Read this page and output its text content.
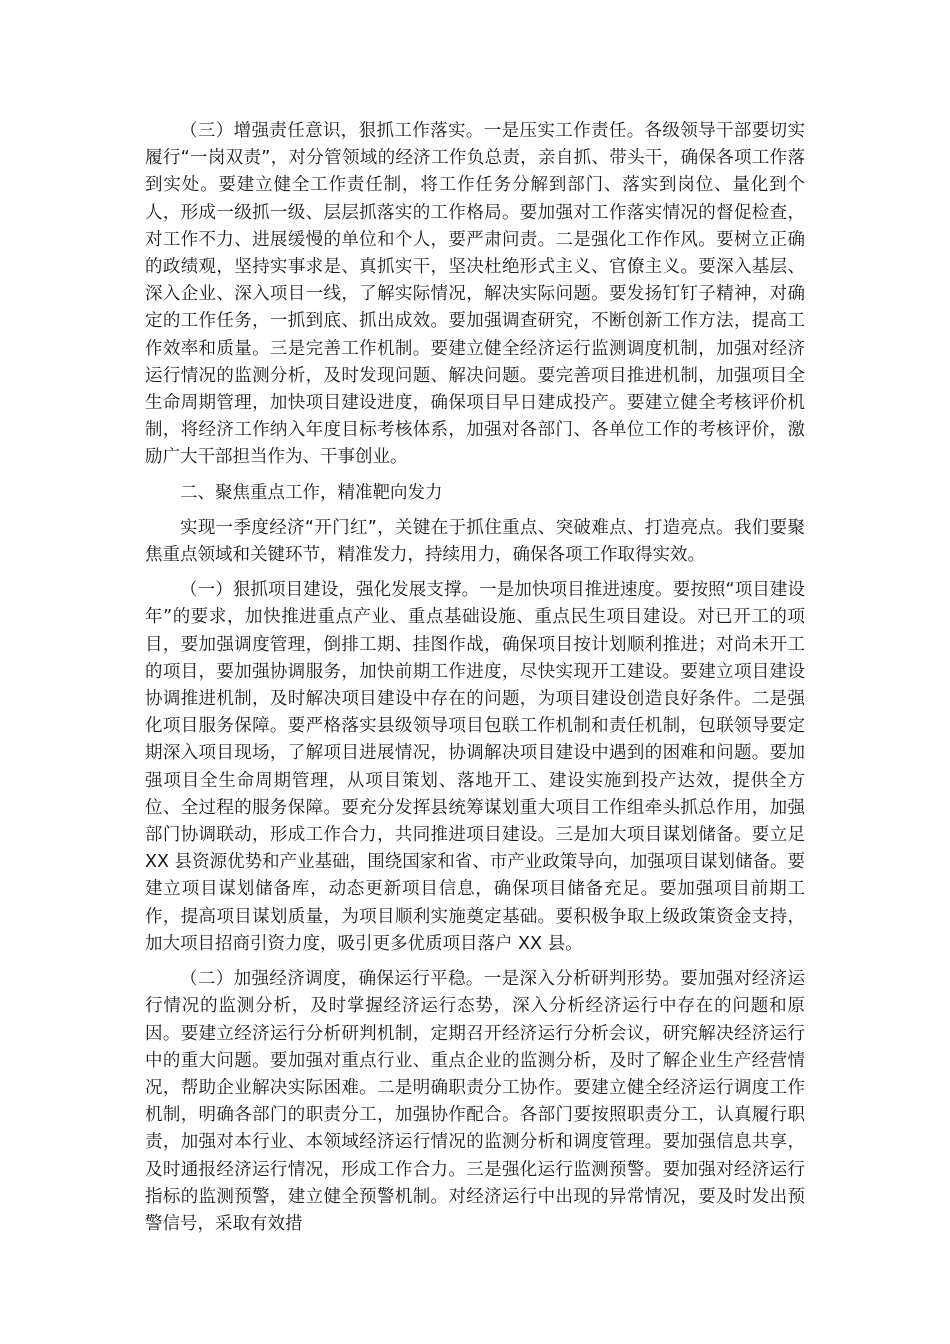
（三）增强责任意识，狠抓工作落实。一是压实工作责任。各级领导干部要切实履行“一岗双责”，对分管领域的经济工作负总责，亲自抓、带头干，确保各项工作落到实处。要建立健全工作责任制，将工作任务分解到部门、落实到岗位、量化到个人，形成一级抓一级、层层抓落实的工作格局。要加强对工作落实情况的督促检查，对工作不力、进展缓慢的单位和个人，要严肃问责。二是强化工作作风。要树立正确的政绩观，坚持实事求是、真抓实干，坚决杜绝形式主义、官僚主义。要深入基层、深入企业、深入项目一线，了解实际情况，解决实际问题。要发扬钉钉子精神，对确定的工作任务，一抓到底、抓出成效。要加强调查研究，不断创新工作方法，提高工作效率和质量。三是完善工作机制。要建立健全经济运行监测调度机制，加强对经济运行情况的监测分析，及时发现问题、解决问题。要完善项目推进机制，加强项目全生命周期管理，加快项目建设进度，确保项目早日建成投产。要建立健全考核评价机制，将经济工作纳入年度目标考核体系，加强对各部门、各单位工作的考核评价，激励广大干部担当作为、干事创业。

二、聚焦重点工作，精准靶向发力

实现一季度经济“开门红”，关键在于抓住重点、突破难点、打造亮点。我们要聚焦重点领域和关键环节，精准发力，持续用力，确保各项工作取得实效。

（一）狠抓项目建设，强化发展支撑。一是加快项目推进速度。要按照“项目建设年”的要求，加快推进重点产业、重点基础设施、重点民生项目建设。对已开工的项目，要加强调度管理，倒排工期、挂图作战，确保项目按计划顺利推进；对尚未开工的项目，要加强协调服务，加快前期工作进度，尽快实现开工建设。要建立项目建设协调推进机制，及时解决项目建设中存在的问题，为项目建设创造良好条件。二是强化项目服务保障。要严格落实县级领导项目包联工作机制和责任机制，包联领导要定期深入项目现场，了解项目进展情况，协调解决项目建设中遇到的困难和问题。要加强项目全生命周期管理，从项目策划、落地开工、建设实施到投产达效，提供全方位、全过程的服务保障。要充分发挥县统筹谋划重大项目工作组牵头抓总作用，加强部门协调联动，形成工作合力，共同推进项目建设。三是加大项目谋划储备。要立足 XX 县资源优势和产业基础，围绕国家和省、市产业政策导向，加强项目谋划储备。要建立项目谋划储备库，动态更新项目信息，确保项目储备充足。要加强项目前期工作，提高项目谋划质量，为项目顺利实施奠定基础。要积极争取上级政策资金支持，加大项目招商引资力度，吸引更多优质项目落户 XX 县。

（二）加强经济调度，确保运行平稳。一是深入分析研判形势。要加强对经济运行情况的监测分析，及时掌握经济运行态势，深入分析经济运行中存在的问题和原因。要建立经济运行分析研判机制，定期召开经济运行分析会议，研究解决经济运行中的重大问题。要加强对重点行业、重点企业的监测分析，及时了解企业生产经营情况，帮助企业解决实际困难。二是明确职责分工协作。要建立健全经济运行调度工作机制，明确各部门的职责分工，加强协作配合。各部门要按照职责分工，认真履行职责，加强对本行业、本领域经济运行情况的监测分析和调度管理。要加强信息共享，及时通报经济运行情况，形成工作合力。三是强化运行监测预警。要加强对经济运行指标的监测预警，建立健全预警机制。对经济运行中出现的异常情况，要及时发出预警信号，采取有效措
